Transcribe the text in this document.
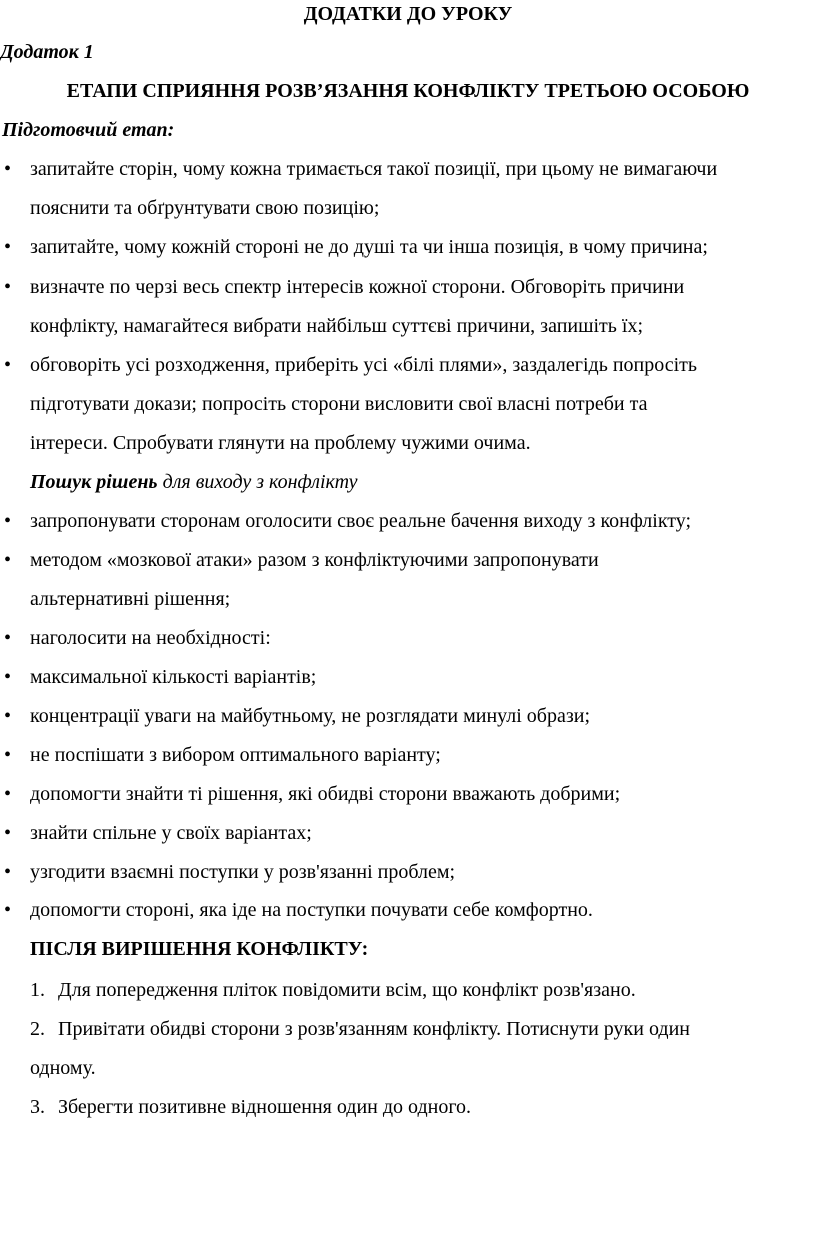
ДОДАТКИ ДО УРОКУ
Додаток 1
ЕТАПИ СПРИЯННЯ РОЗВ’ЯЗАННЯ КОНФЛІКТУ ТРЕТЬОЮ ОСОБОЮ
Підготовчий етап:
• запитайте сторін, чому кожна тримається такої позиції, при цьому не вимагаючи
пояснити та обґрунтувати свою позицію;
• запитайте, чому кожній стороні не до душі та чи інша позиція, в чому причина;
• визначте по черзі весь спектр інтересів кожної сторони. Обговоріть причини
конфлікту, намагайтеся вибрати найбільш суттєві причини, запишіть їх;
• обговоріть усі розходження, приберіть усі «білі плями», заздалегідь попросіть
підготувати докази; попросіть сторони висловити свої власні потреби та
інтереси. Спробувати глянути на проблему чужими очима.
Пошук рішень для виходу з конфлікту
• запропонувати сторонам оголосити своє реальне бачення виходу з конфлікту;
• методом «мозкової атаки» разом з конфліктуючими запропонувати
альтернативні рішення;
• наголосити на необхідності:
• максимальної кількості варіантів;
• концентрації уваги на майбутньому, не розглядати минулі образи;
• не поспішати з вибором оптимального варіанту;
• допомогти знайти ті рішення, які обидві сторони вважають добрими;
• знайти спільне у своїх варіантах;
• узгодити взаємні поступки у розв'язанні проблем;
• допомогти стороні, яка іде на поступки почувати себе комфортно.
ПІСЛЯ ВИРІШЕННЯ КОНФЛІКТУ:
1. Для попередження пліток повідомити всім, що конфлікт розв'язано.
2. Привітати обидві сторони з розв'язанням конфлікту. Потиснути руки один
одному.
3. Зберегти позитивне відношення один до одного.
